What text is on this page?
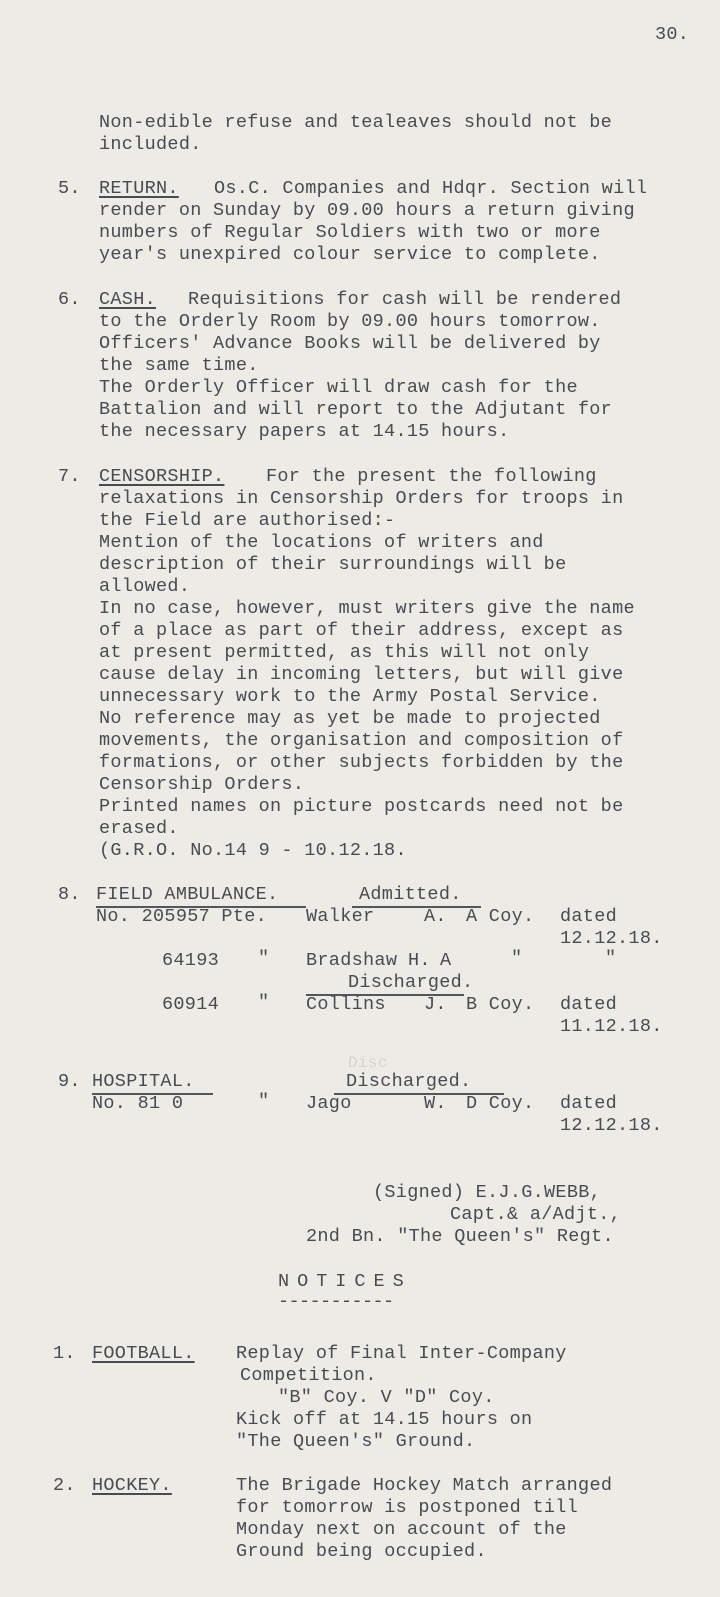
30.
Non-edible refuse and tealeaves should not be
included.
5. RETURN. Os.C. Companies and Hdqr. Section will
render on Sunday by 09.00 hours a return giving
numbers of Regular Soldiers with two or more
year's unexpired colour service to complete.
6. CASH. Requisitions for cash will be rendered
to the Orderly Room by 09.00 hours tomorrow.
Officers' Advance Books will be delivered by
the same time.
The Orderly Officer will draw cash for the
Battalion and will report to the Adjutant for
the necessary papers at 14.15 hours.
7. CENSORSHIP. For the present the following
relaxations in Censorship Orders for troops in
the Field are authorised:-
Mention of the locations of writers and
description of their surroundings will be
allowed.
In no case, however, must writers give the name
of a place as part of their address, except as
at present permitted, as this will not only
cause delay in incoming letters, but will give
unnecessary work to the Army Postal Service.
No reference may as yet be made to projected
movements, the organisation and composition of
formations, or other subjects forbidden by the
Censorship Orders.
Printed names on picture postcards need not be
erased.
(G.R.O. No.14 9 - 10.12.18.
8. FIELD AMBULANCE.	Admitted.
No. 205957 Pte. Walker	A. A Coy. dated
12.12.18.
64193 " Bradshaw H. A	"	"
Discharged.
60914 " Collins J. B Coy. dated
11.12.18.
Disc
9. HOSPITAL.	Discharged.
No. 81 0	" Jago	W. D Coy. dated
12.12.18.
(Signed) E.J.G.WEBB,
Capt.& a/Adjt.,
2nd Bn. "The Queen's" Regt.
NOTICES
-----------
1. FOOTBALL. Replay of Final Inter-Company
Competition.
"B" Coy. V "D" Coy.
Kick off at 14.15 hours on
"The Queen's" Ground.
2. HOCKEY.	The Brigade Hockey Match arranged
for tomorrow is postponed till
Monday next on account of the
Ground being occupied.
